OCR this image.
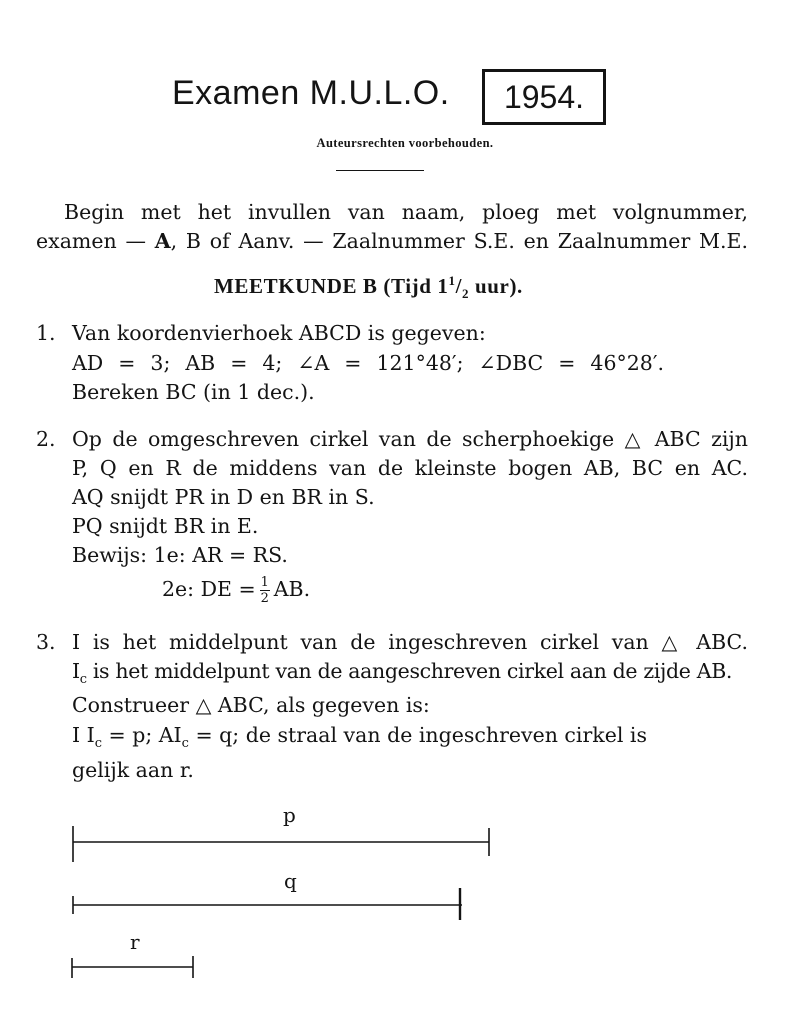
Examen M.U.L.O.	1954.
Auteursrechten voorbehouden.
Begin met het invullen van naam, ploeg met volgnummer,
examen — A, B of Aanv. — Zaalnummer S.E. en Zaalnummer M.E.
MEETKUNDE B (Tijd $1^1/_2$ uur).
1. Van koordenvierhoek ABCD is gegeven:
AD = 3; AB = 4; ∠A = 121°48′; ∠DBC = 46°28′.
Bereken BC (in 1 dec.).
2. Op de omgeschreven cirkel van de scherphoekige △ ABC zijn
P, Q en R de middens van de kleinste bogen AB, BC en AC.
AQ snijdt PR in D en BR in S.
PQ snijdt BR in E.
Bewijs: 1e: AR = RS.
2e: DE = $\frac{1}{2}$ AB.
3. I is het middelpunt van de ingeschreven cirkel van △ ABC.
$I_c$ is het middelpunt van de aangeschreven cirkel aan de zijde AB.
Construeer △ ABC, als gegeven is:
I $I_c = p$; $AI_c = q$; de straal van de ingeschreven cirkel is
gelijk aan r.
p
q
r
